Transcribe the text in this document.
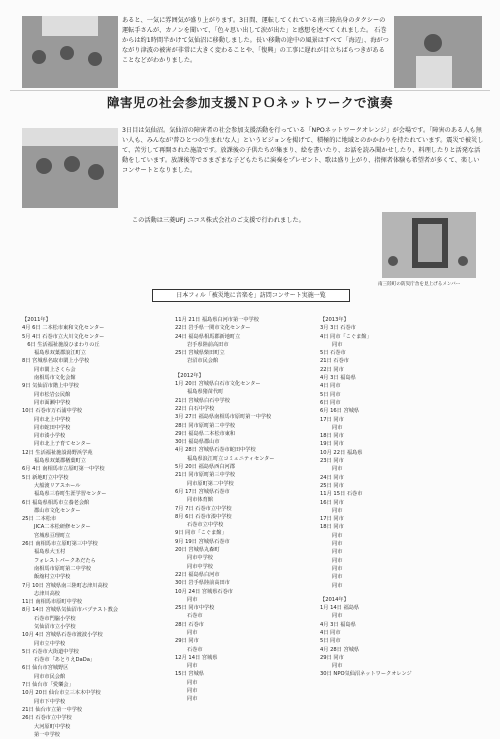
あると、一気に雰囲気が盛り上がります。3日間、運転してくれている南三陸出身のタクシーの運転手さんが、カノンを聞いて、「色々思い出して涙が出た」と感想を述べてくれました。 石巻からは約1時間半かけて気仙沼に移動しました。長い移動の途中の風景はすべて「海辺」、海がつながり津波の被害が非常に大きく変わることや、「復興」の工事に遅れが目立ちばらつきがあることなどがわかりました。

障害児の社会参加支援ＮＰＯネットワークで演奏

3日目は気仙沼。気仙沼の障害者の社会参加支援活動を行っている「NPOネットワークオレンジ」が会場です。「障害のある人も無い人も、みんなが'普ひとつの生まれ'な人」というビジョンを掲げて、積極的に地域とのかかわりを持たれています。震災で被災して、苦労して再開された施設です。放課後の子供たちが集まり、絵を書いたり、お話を読み聞かせしたり、料理したりと活発な活動をしています。放課後等でさまざまな子どもたちに演奏をプレゼント、歌は盛り上がり、指揮者体験も希望者が多くて、楽しいコンサートとなりました。

この活動は三菱UFJ ニコス株式会社のご支援で行われました。

南三陸町の防災庁舎を見上げるメンバー
日本フィル「被災地に音楽を」訪問コンサート実施一覧
【2011年】
4月 6日 二本松市東和文化センター
5月 4日 石巻市立大川文化センター
　6日 生活福祉施設ひまわりの丘
　　 福島県双葉郡浪江町立
8日 宮城県名取市閖上小学校
　　 同市閖上さくら会
　　 南相馬市文化会館
9日 気仙沼市階上中学校
　　 同市松岩公民館
　　 同市面瀬中学校
10日 石巻市万石浦中学校
　　 同市北上中学校
　　 同市蛇田中学校
　　 同市湊小学校
　　 同市北上子育てセンター
12日 生活福祉施設湯野浜学苑
　　 福島県双葉郡楢葉町立
6月 4日 南相馬市立原町第一中学校
5日 新地町立中学校
　　 大船渡リアスホール
　　 福島県三春町生涯学習センター
6日 福島県相馬市立養老会館
　　 郡山市文化センター
25日 二本松市
　　 JICA二本松研修センター
　　 宮城県亘理町立
26日 南相馬市立原町第三中学校
　　 福島県大玉村
　　 フォレストパークあだたら
　　 南相馬市原町第二中学校
　　 飯舘村立中学校
7月 10日 宮城県南三陸町志津川高校
　　 志津川高校
11日 南相馬市原町中学校
8月 14日 宮城県気仙沼市バプテスト教会
　　 石巻市門脇小学校
　　 気仙沼市立小学校
10月 4日 宮城県石巻市渡波小学校
　　 同市立中学校
5日 石巻市大街道中学校
　　 石巻市「あとりえDaDa」
6日 仙台市宮城野区
　　 同市市民会館
7日 仙台市「愛樂会」
10月 20日 仙台市立三本木中学校
　　 同市下中学校
21日 仙台市立第一中学校
26日 石巻市立中学校
　　 大河原町中学校
　　 第一中学校
11月 21日 福島県白河市第一中学校
22日 岩手県一関市文化センター
24日 福島県相馬郡新地町立
　　 岩手県陸前高田市
25日 宮城県柴田町立
　　 岩沼市民会館
【2012年】
1月 20日 宮城県白石市文化センター
　　 福島県猪苗代町
21日 宮城県白石中学校
22日 白石中学校
3月 27日 福島県南相馬市原町第一中学校
28日 同市原町第二中学校
29日 福島県二本松市東和
30日 福島県郡山市
4月 28日 宮城県石巻市蛇田中学校
　　 福島県浪江町立コミュニティセンター
5月 20日 福島県西白河郡
21日 同市原町第三中学校
　　 同市原町第二中学校
6月 17日 宮城県石巻市
　　 同市体育館
7月 7日 石巻市立中学校
8月 6日 石巻市湊中学校
　　 石巻市立中学校
9日 同市「こぐま館」
9月 19日 宮城県石巻市
20日 宮城県丸森町
　　 同市中学校
　　 同市中学校
22日 福島県白河市
30日 岩手県陸前高田市
10月 24日 宮城県石巻市
　　 同市
25日 同市中学校
　　 石巻市
28日 石巻市
　　 同市
29日 同市
　　 石巻市
12月 14日 宮城県
　　 同市
15日 宮城県
　　 同市
　　 同市
　　 同市
【2013年】
3月 3日 石巻市
4日 同市「こぐま館」
　　 同市
5日 石巻市
21日 石巻市
22日 同市
4月 3日 福島県
4日 同市
5日 同市
6日 同市
6月 16日 宮城県
17日 同市
　　 同市
18日 同市
19日 同市
10月 22日 福島県
23日 同市
　　 同市
24日 同市
25日 同市
11月 15日 石巻市
16日 同市
　　 同市
17日 同市
18日 同市
　　 同市
　　 同市
　　 同市
　　 同市
　　 同市
　　 同市
　　 同市
【2014年】
1月 14日 福島県
　　 同市
4月 3日 福島県
4日 同市
5日 同市
4月 28日 宮城県
29日 同市
　　 同市
30日 NPO気仙沼ネットワークオレンジ
